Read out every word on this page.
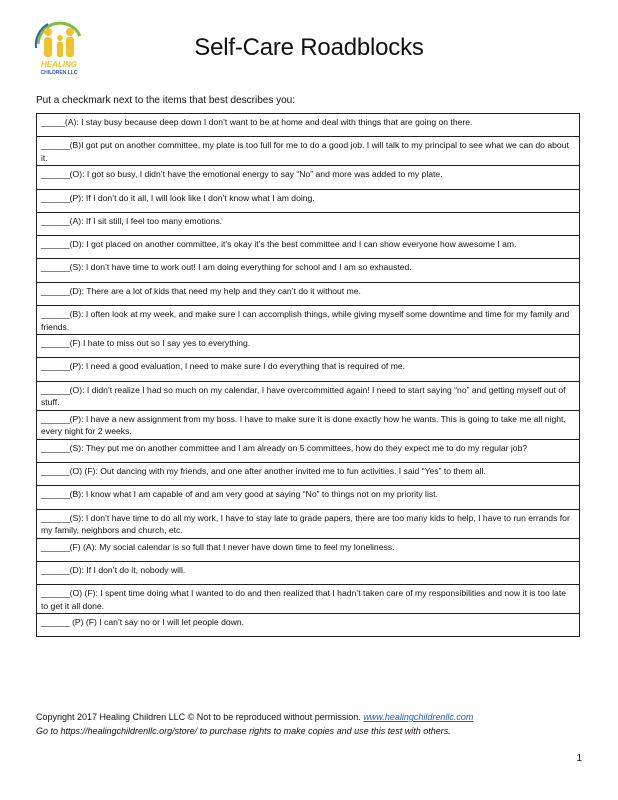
HEALING
CHILDREN LLC
Self-Care Roadblocks
Put a checkmark next to the items that best describes you:
_____(A): I stay busy because deep down I don’t want to be at home and deal with things that are going on there.
______(B)I got put on another committee, my plate is too full for me to do a good job. I will talk to my principal to see what we can do about it.
______(O): I got so busy, I didn’t have the emotional energy to say “No” and more was added to my plate.
______(P): If I don’t do it all, I will look like I don’t know what I am doing.
______(A): If I sit still, I feel too many emotions.
______(D): I got placed on another committee, it’s okay it’s the best committee and I can show everyone how awesome I am.
______(S): I don’t have time to work out! I am doing everything for school and I am so exhausted.
______(D): There are a lot of kids that need my help and they can’t do it without me.
______(B): I often look at my week, and make sure I can accomplish things, while giving myself some downtime and time for my family and friends.
______(F) I hate to miss out so I say yes to everything.
______(P): I need a good evaluation, I need to make sure I do everything that is required of me.
______(O): I didn’t realize I had so much on my calendar, I have overcommitted again! I need to start saying “no” and getting myself out of stuff.
______(P): I have a new assignment from my boss. I have to make sure it is done exactly how he wants. This is going to take me all night, every night for 2 weeks.
______(S): They put me on another committee and I am already on 5 committees, how do they expect me to do my regular job?
______(O) (F): Out dancing with my friends, and one after another invited me to fun activities. I said “Yes” to them all.
______(B): I know what I am capable of and am very good at saying “No” to things not on my priority list.
______(S): I don’t have time to do all my work, I have to stay late to grade papers, there are too many kids to help, I have to run errands for my family, neighbors and church, etc.
______(F) (A): My social calendar is so full that I never have down time to feel my loneliness.
______(D): If I don’t do it, nobody will.
______(O) (F): I spent time doing what I wanted to do and then realized that I hadn’t taken care of my responsibilities and now it is too late to get it all done.
______ (P) (F) I can’t say no or I will let people down.
Copyright 2017 Healing Children LLC © Not to be reproduced without permission. www.healingchildrenllc.com
Go to https://healingchildrenllc.org/store/ to purchase rights to make copies and use this test with others.
1
